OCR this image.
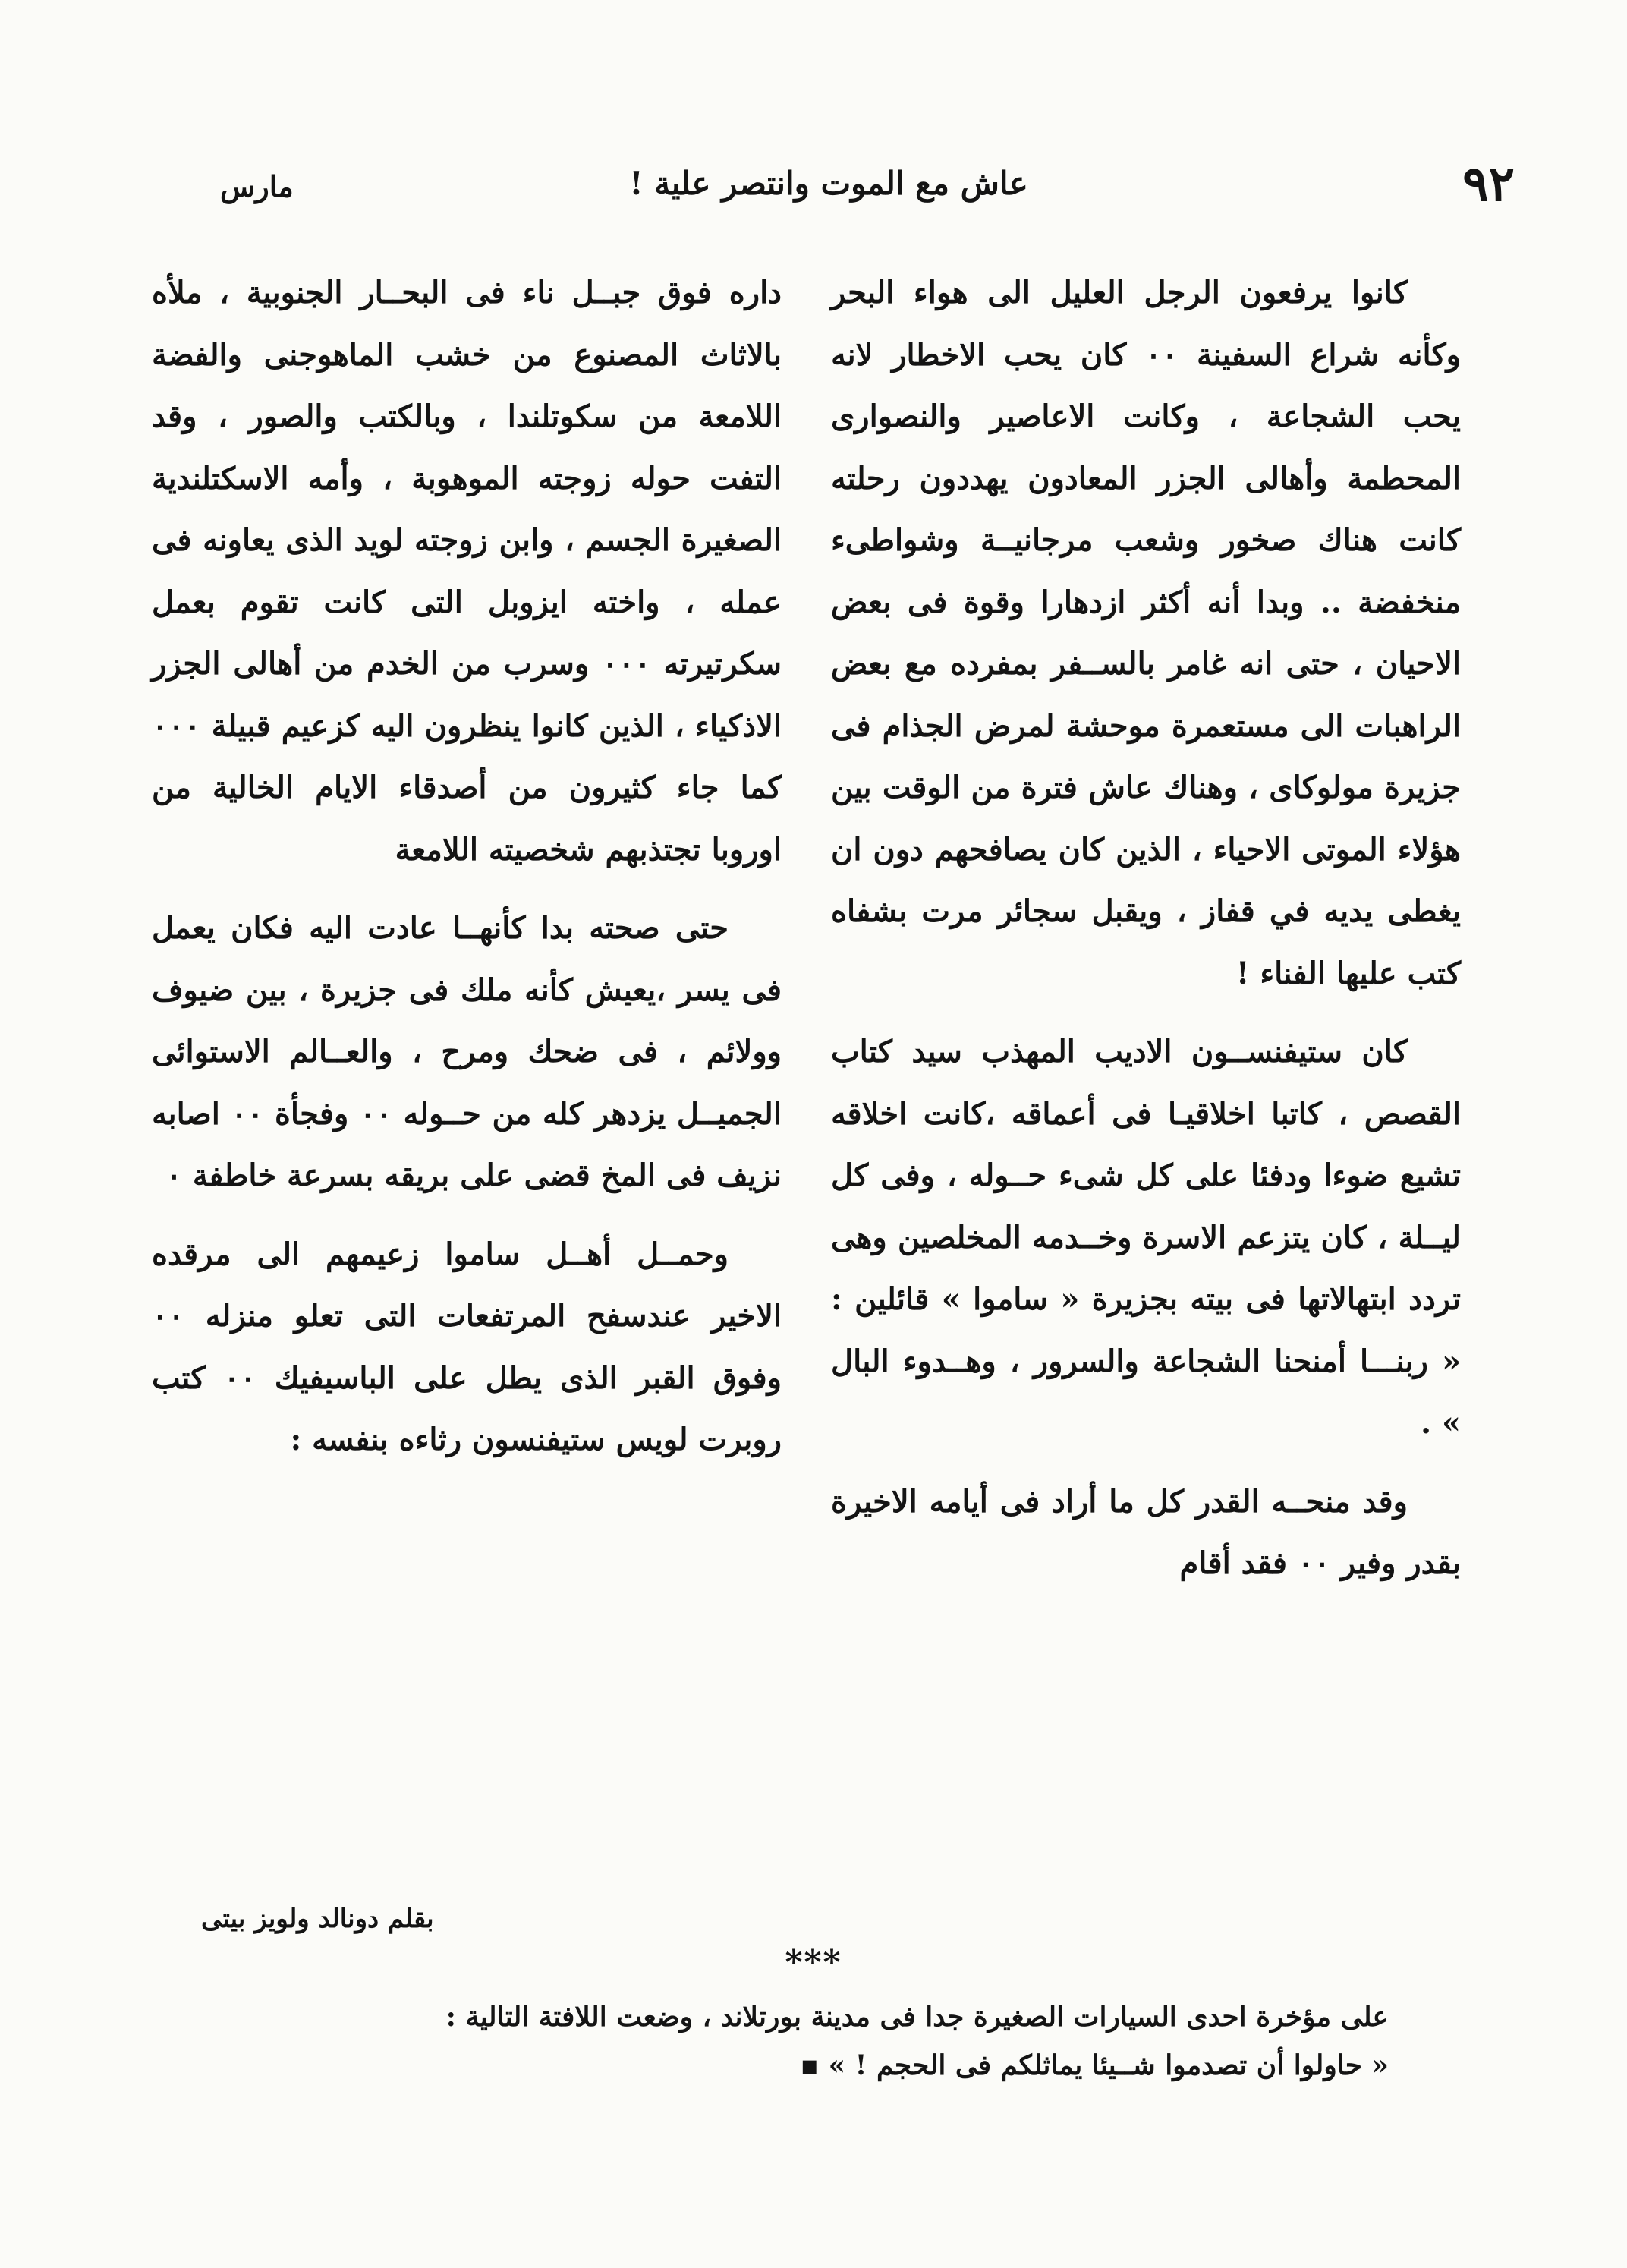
٩٢
عاش مع الموت وانتصر علية !
مارس

كانوا يرفعون الرجل العليل الى هواء البحر وكأنه شراع السفينة ٠٠ كان يحب الاخطار لانه يحب الشجاعة ، وكانت الاعاصير والنصوارى المحطمة وأهالى الجزر المعادون يهددون رحلته كانت هناك صخور وشعب مرجانيــة وشواطىء منخفضة .. وبدا أنه أكثر ازدهارا وقوة فى بعض الاحيان ، حتى انه غامر بالســفر بمفرده مع بعض الراهبات الى مستعمرة موحشة لمرض الجذام فى جزيرة مولوكاى ، وهناك عاش فترة من الوقت بين هؤلاء الموتى الاحياء ، الذين كان يصافحهم دون ان يغطى يديه في قفاز ، ويقبل سجائر مرت بشفاه كتب عليها الفناء !

كان ستيفنســون الاديب المهذب سيد كتاب القصص ، كاتبا اخلاقيـا فى أعماقه ،كانت اخلاقه تشيع ضوءا ودفئا على كل شىء حــوله ، وفى كل ليــلة ، كان يتزعم الاسرة وخــدمه المخلصين وهى تردد ابتهالاتها فى بيته بجزيرة « ساموا » قائلين : « ربنـــا أمنحنا الشجاعة والسرور ، وهــدوء البال » .

وقد منحــه القدر كل ما أراد فى أيامه الاخيرة بقدر وفير ٠٠ فقد أقام

داره فوق جبــل ناء فى البحــار الجنوبية ، ملأه بالاثاث المصنوع من خشب الماهوجنى والفضة اللامعة من سكوتلندا ، وبالكتب والصور ، وقد التفت حوله زوجته الموهوبة ، وأمه الاسكتلندية الصغيرة الجسم ، وابن زوجته لويد الذى يعاونه فى عمله ، واخته ايزوبل التى كانت تقوم بعمل سكرتيرته ٠٠٠ وسرب من الخدم من أهالى الجزر الاذكياء ، الذين كانوا ينظرون اليه كزعيم قبيلة ٠٠٠ كما جاء كثيرون من أصدقاء الايام الخالية من اوروبا تجتذبهم شخصيته اللامعة

حتى صحته بدا كأنهــا عادت اليه فكان يعمل فى يسر ،يعيش كأنه ملك فى جزيرة ، بين ضيوف وولائم ، فى ضحك ومرح ، والعــالم الاستوائى الجميــل يزدهر كله من حــوله ٠٠ وفجأة ٠٠ اصابه نزيف فى المخ قضى على بريقه بسرعة خاطفة ٠

وحمــل أهــل ساموا زعيمهم الى مرقده الاخير عندسفح المرتفعات التى تعلو منزله ٠٠ وفوق القبر الذى يطل على الباسيفيك ٠٠ كتب روبرت لويس ستيفنسون رثاءه بنفسه :

بقلم دونالد ولويز بيتى
***

على مؤخرة احدى السيارات الصغيرة جدا فى مدينة بورتلاند ، وضعت اللافتة التالية :

« حاولوا أن تصدموا شــيئا يماثلكم فى الحجم ! » ▪
